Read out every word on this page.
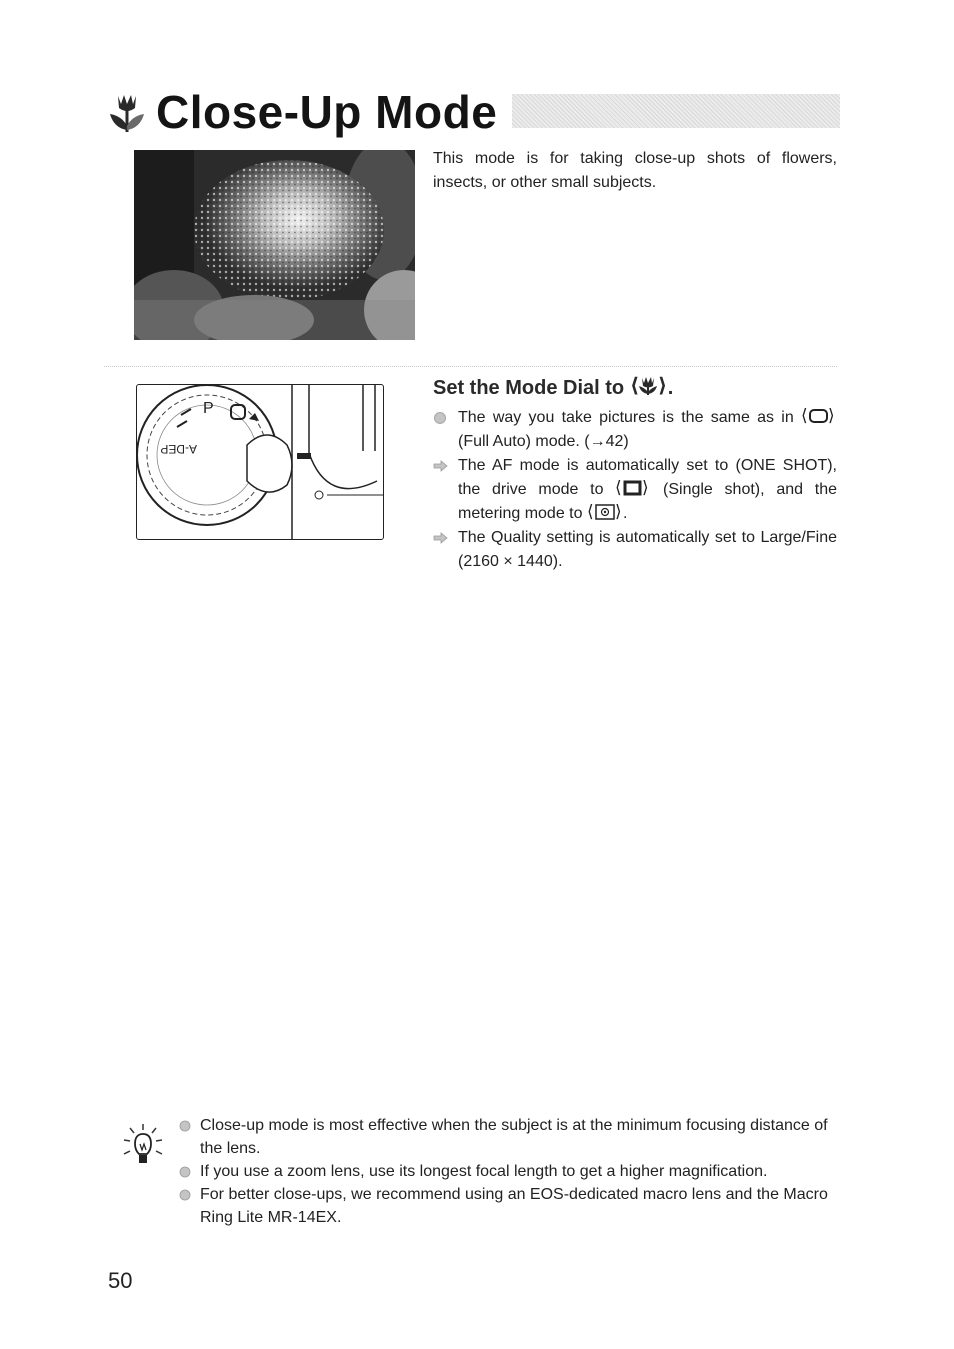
Close-Up Mode
This mode is for taking close-up shots of flowers, insects, or other small subjects.
A-DEP
P
Set the Mode Dial to ⟨ ⟩ .
The way you take pictures is the same as in ⟨ ⟩
(Full Auto) mode. (→42)
The AF mode is automatically set to (ONE SHOT), the drive mode to ⟨ ⟩ (Single shot), and the metering mode to ⟨ ⟩ .
The Quality setting is automatically set to Large/Fine (2160 × 1440).
Close-up mode is most effective when the subject is at the minimum focusing distance of the lens.
If you use a zoom lens, use its longest focal length to get a higher magnification.
For better close-ups, we recommend using an EOS-dedicated macro lens and the Macro Ring Lite MR-14EX.
50
